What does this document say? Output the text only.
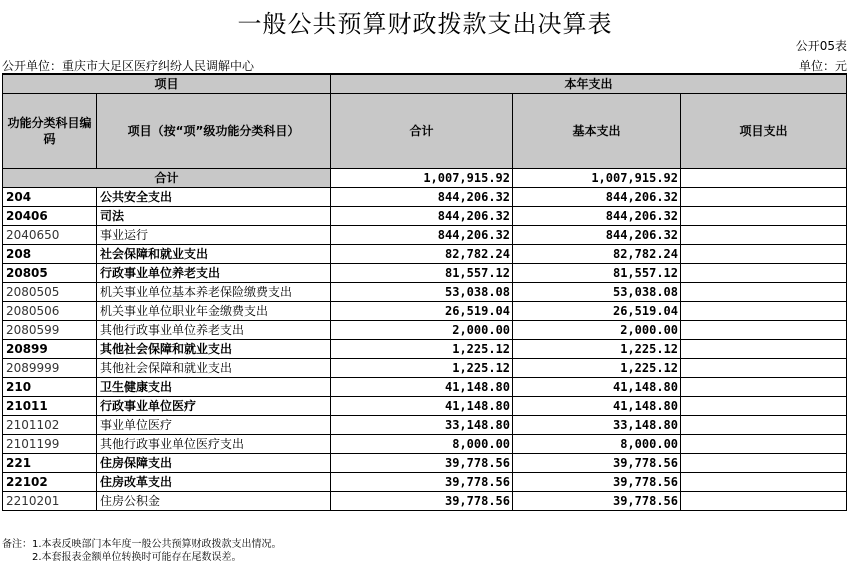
一般公共预算财政拨款支出决算表
公开05表
公开单位：重庆市大足区医疗纠纷人民调解中心	单位：元
项目		本年支出		
功能分类科目编码	项目（按“项”级功能分类科目）	合计	基本支出	项目支出
合计		1,007,915.92	1,007,915.92	
204	公共安全支出	844,206.32	844,206.32	
20406	司法	844,206.32	844,206.32	
2040650	事业运行	844,206.32	844,206.32	
208	社会保障和就业支出	82,782.24	82,782.24	
20805	行政事业单位养老支出	81,557.12	81,557.12	
2080505	机关事业单位基本养老保险缴费支出	53,038.08	53,038.08	
2080506	机关事业单位职业年金缴费支出	26,519.04	26,519.04	
2080599	其他行政事业单位养老支出	2,000.00	2,000.00	
20899	其他社会保障和就业支出	1,225.12	1,225.12	
2089999	其他社会保障和就业支出	1,225.12	1,225.12	
210	卫生健康支出	41,148.80	41,148.80	
21011	行政事业单位医疗	41,148.80	41,148.80	
2101102	事业单位医疗	33,148.80	33,148.80	
2101199	其他行政事业单位医疗支出	8,000.00	8,000.00	
221	住房保障支出	39,778.56	39,778.56	
22102	住房改革支出	39,778.56	39,778.56	
2210201	住房公积金	39,778.56	39,778.56	
备注：1.本表反映部门本年度一般公共预算财政拨款支出情况。
2.本套报表金额单位转换时可能存在尾数误差。
